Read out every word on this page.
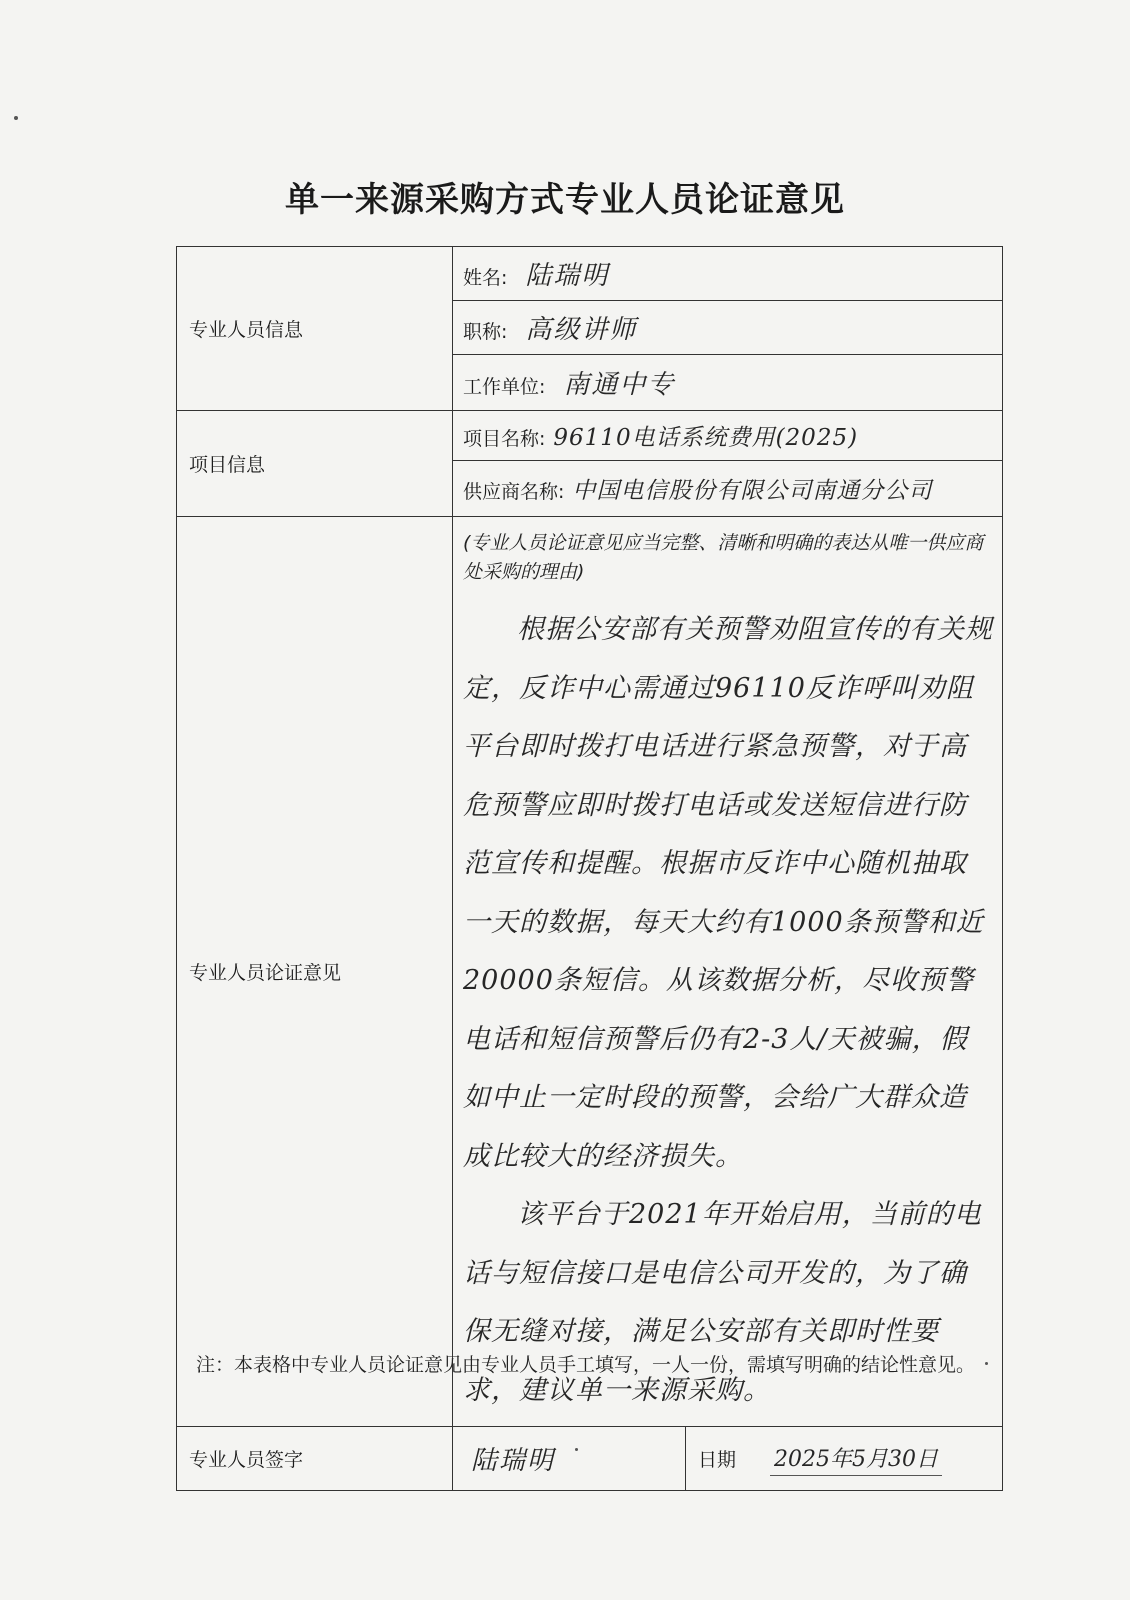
单一来源采购方式专业人员论证意见
专业人员信息	姓名: 陆瑞明
	职称: 高级讲师
	工作单位: 南通中专
项目信息	项目名称: 96110电话系统费用(2025)
	供应商名称: 中国电信股份有限公司南通分公司
专业人员论证意见	(专业人员论证意见应当完整、清晰和明确的表达从唯一供应商处采购的理由)

根据公安部有关预警劝阻宣传的有关规定，反诈中心需通过96110反诈呼叫劝阻平台即时拨打电话进行紧急预警，对于高危预警应即时拨打电话或发送短信进行防范宣传和提醒。根据市反诈中心随机抽取一天的数据，每天大约有1000条预警和近20000条短信。从该数据分析，尽收预警电话和短信预警后仍有2-3人/天被骗，假如中止一定时段的预警，会给广大群众造成比较大的经济损失。

该平台于2021年开始启用，当前的电话与短信接口是电信公司开发的，为了确保无缝对接，满足公安部有关即时性要求，建议单一来源采购。

专业人员签字	陆瑞明 日期 2025年5月30日
注：本表格中专业人员论证意见由专业人员手工填写，一人一份，需填写明确的结论性意见。
